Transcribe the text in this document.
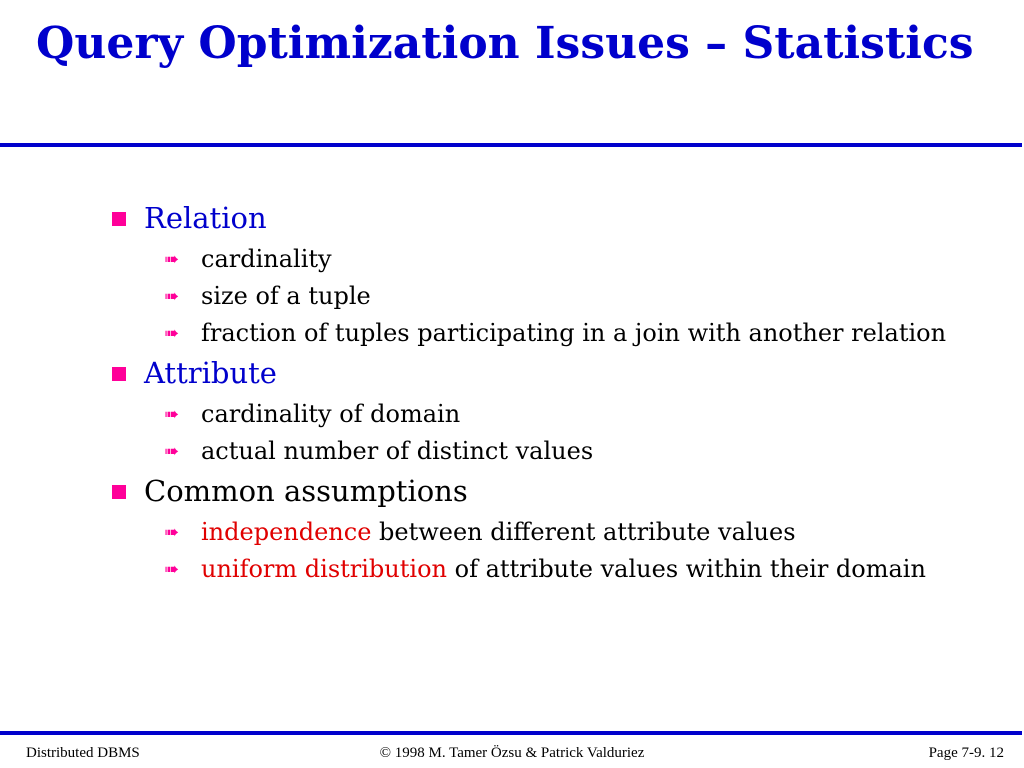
Query Optimization Issues – Statistics
Relation
➠ cardinality
➠ size of a tuple
➠ fraction of tuples participating in a join with another relation
Attribute
➠ cardinality of domain
➠ actual number of distinct values
Common assumptions
➠ independence between different attribute values
➠ uniform distribution of attribute values within their domain
Distributed DBMS	© 1998 M. Tamer Özsu & Patrick Valduriez	Page 7-9. 12
